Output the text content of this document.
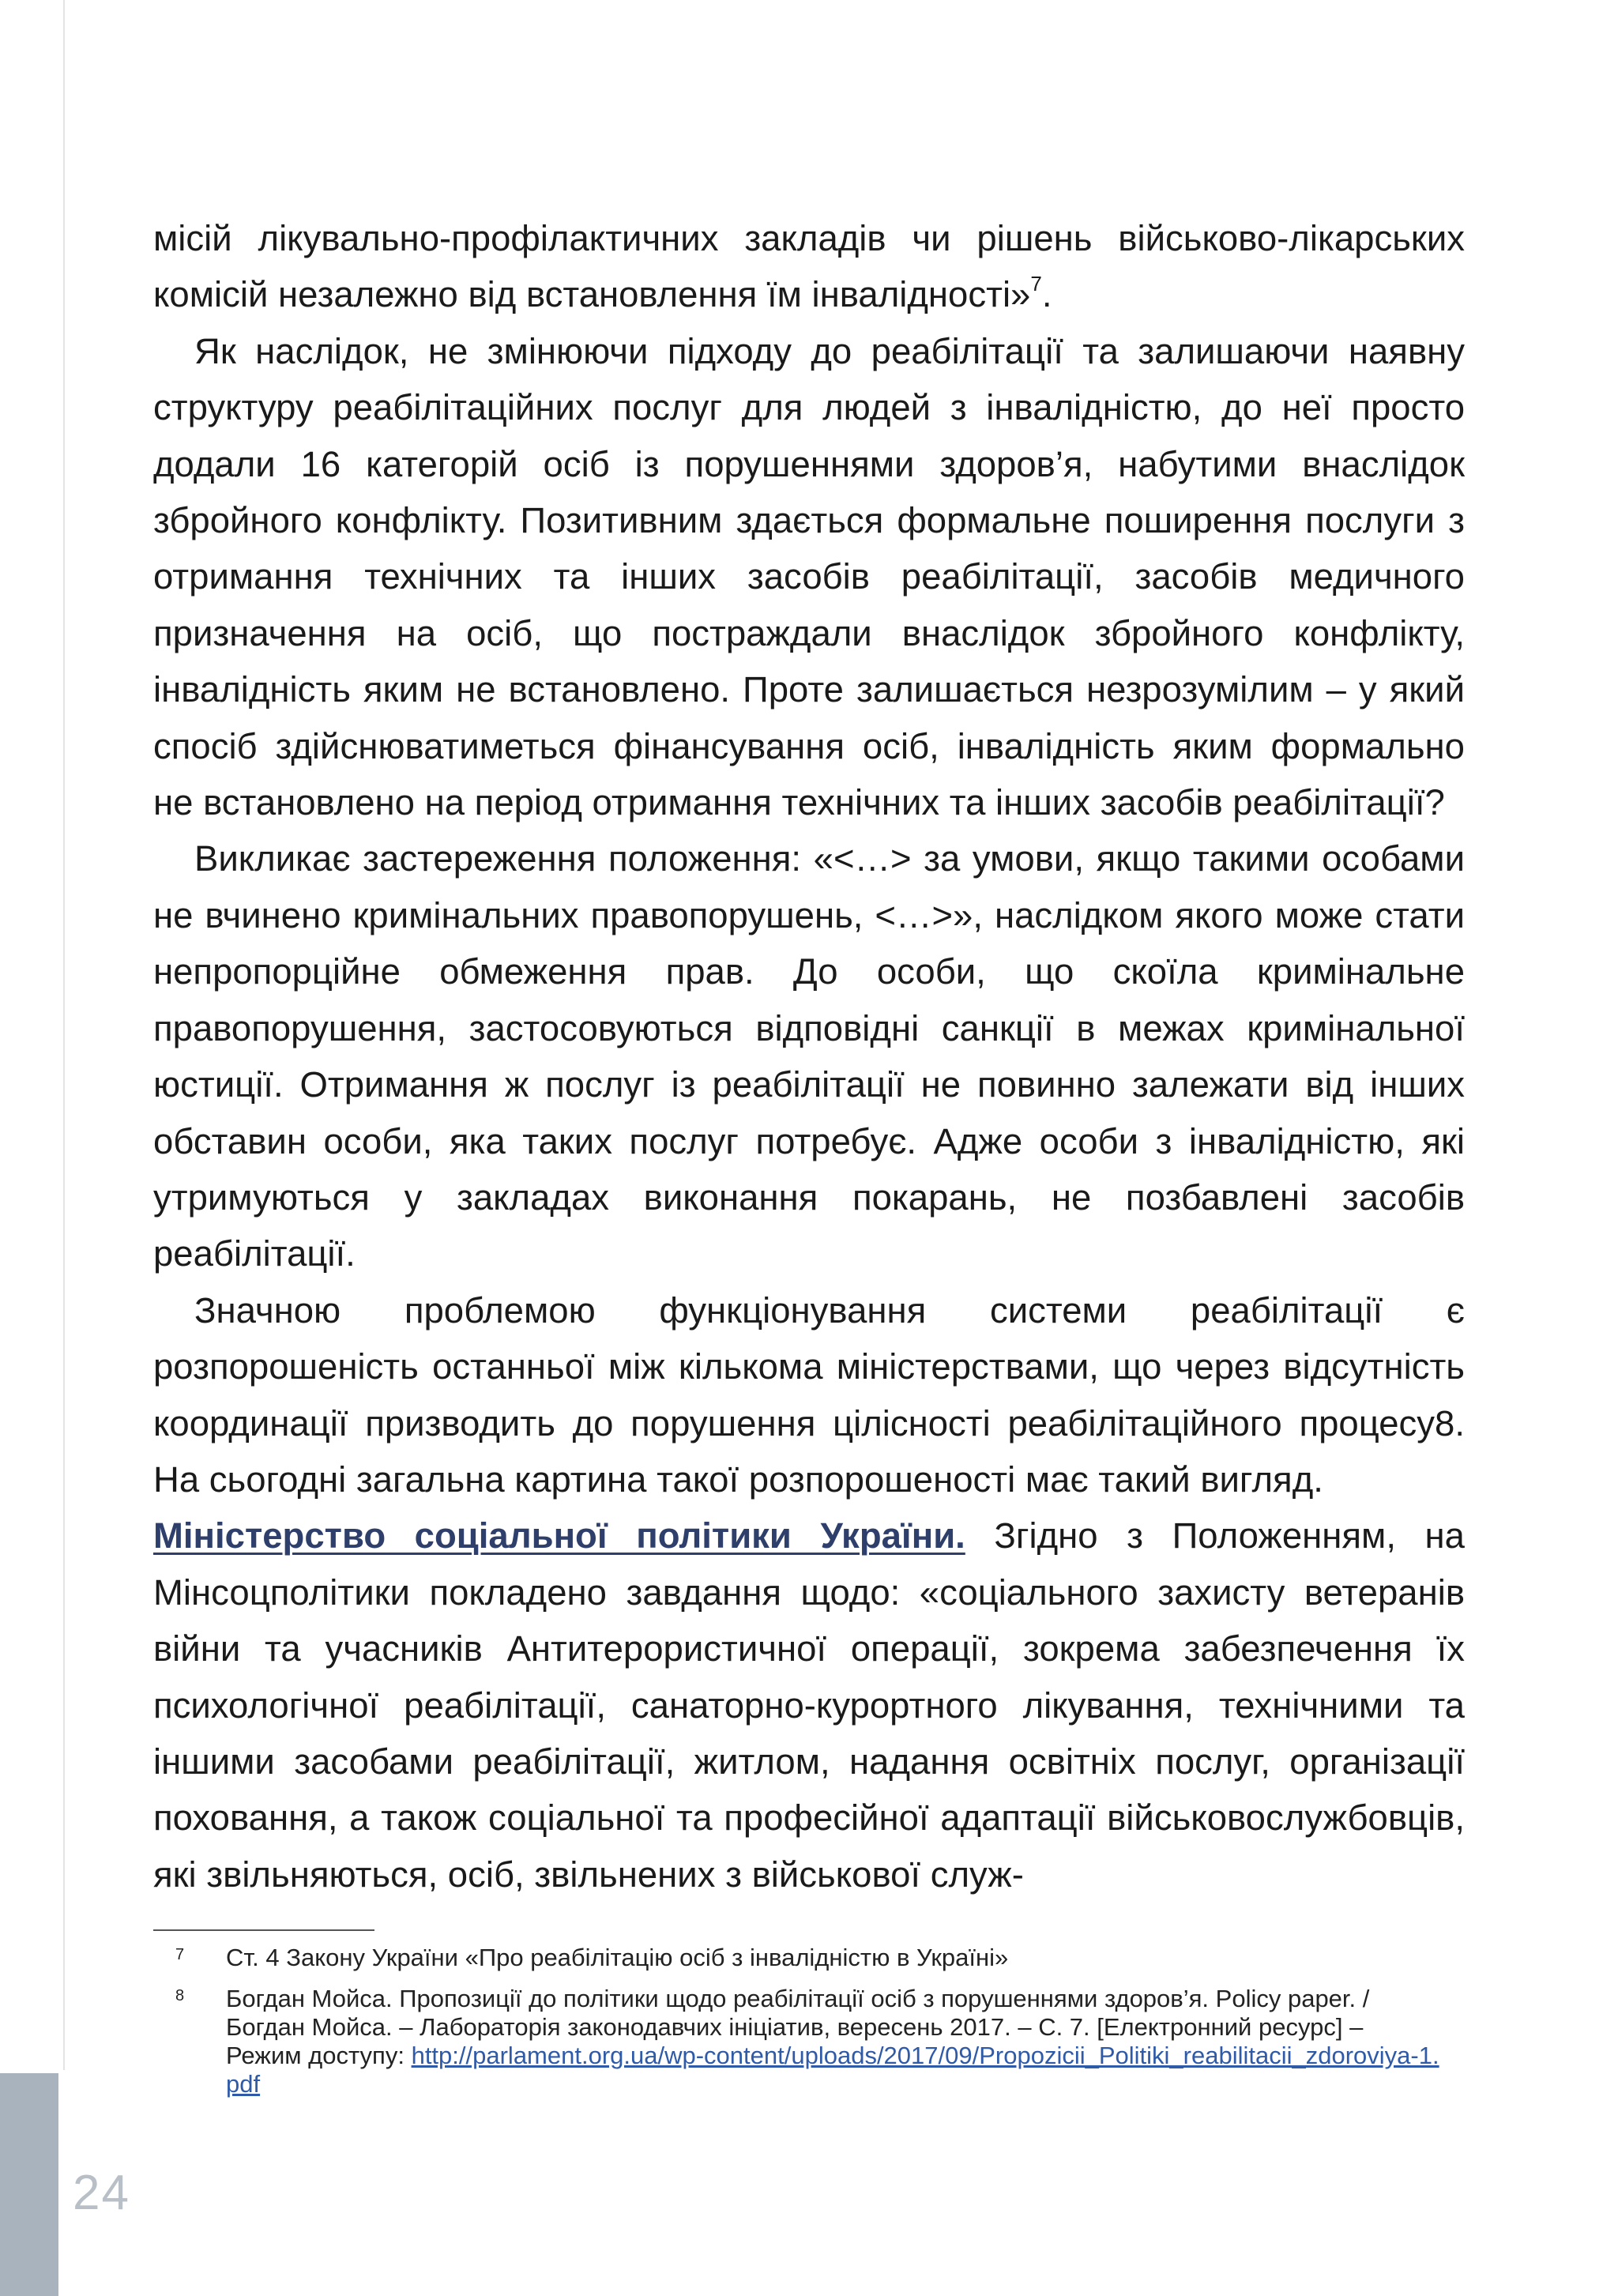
місій лікувально-профілактичних закладів чи рішень військово-лікарських комісій незалежно від встановлення їм інвалідності»$^7$.

Як наслідок, не змінюючи підходу до реабілітації та залишаючи наявну структуру реабілітаційних послуг для людей з інвалідністю, до неї просто додали 16 категорій осіб із порушеннями здоров’я, набутими внаслідок збройного конфлікту. Позитивним здається формальне поширення послуги з отримання технічних та інших засобів реабілітації, засобів медичного призначення на осіб, що постраждали внаслідок збройного конфлікту, інвалідність яким не встановлено. Проте залишається незрозумілим – у який спосіб здійснюватиметься фінансування осіб, інвалідність яким формально не встановлено на період отримання технічних та інших засобів реабілітації?

Викликає застереження положення: «<…> за умови, якщо такими особами не вчинено кримінальних правопорушень, <…>», наслідком якого може стати непропорційне обмеження прав. До особи, що скоїла кримінальне правопорушення, застосовуються відповідні санкції в межах кримінальної юстиції. Отримання ж послуг із реабілітації не повинно залежати від інших обставин особи, яка таких послуг потребує. Адже особи з інвалідністю, які утримуються у закладах виконання покарань, не позбавлені засобів реабілітації.

Значною проблемою функціонування системи реабілітації є розпорошеність останньої між кількома міністерствами, що через відсутність координації призводить до порушення цілісності реабілітаційного процесу8. На сьогодні загальна картина такої розпорошеності має такий вигляд.

Міністерство соціальної політики України. Згідно з Положенням, на Мінсоцполітики покладено завдання щодо: «соціального захисту ветеранів війни та учасників Антитерористичної операції, зокрема забезпечення їх психологічної реабілітації, санаторно-курортного лікування, технічними та іншими засобами реабілітації, житлом, надання освітніх послуг, організації поховання, а також соціальної та професійної адаптації військовослужбовців, які звільняються, осіб, звільнених з військової служ-

7	Ст. 4 Закону України «Про реабілітацію осіб з інвалідністю в Україні»
8	Богдан Мойса. Пропозиції до політики щодо реабілітації осіб з порушеннями здоров’я. Policy paper. / Богдан Мойса. – Лабораторія законодавчих ініціатив, вересень 2017. – С. 7. [Електронний ресурс] – Режим доступу: http://parlament.org.ua/wp-content/uploads/2017/09/Propozicii_Politiki_reabilitacii_zdoroviya-1.pdf
24
